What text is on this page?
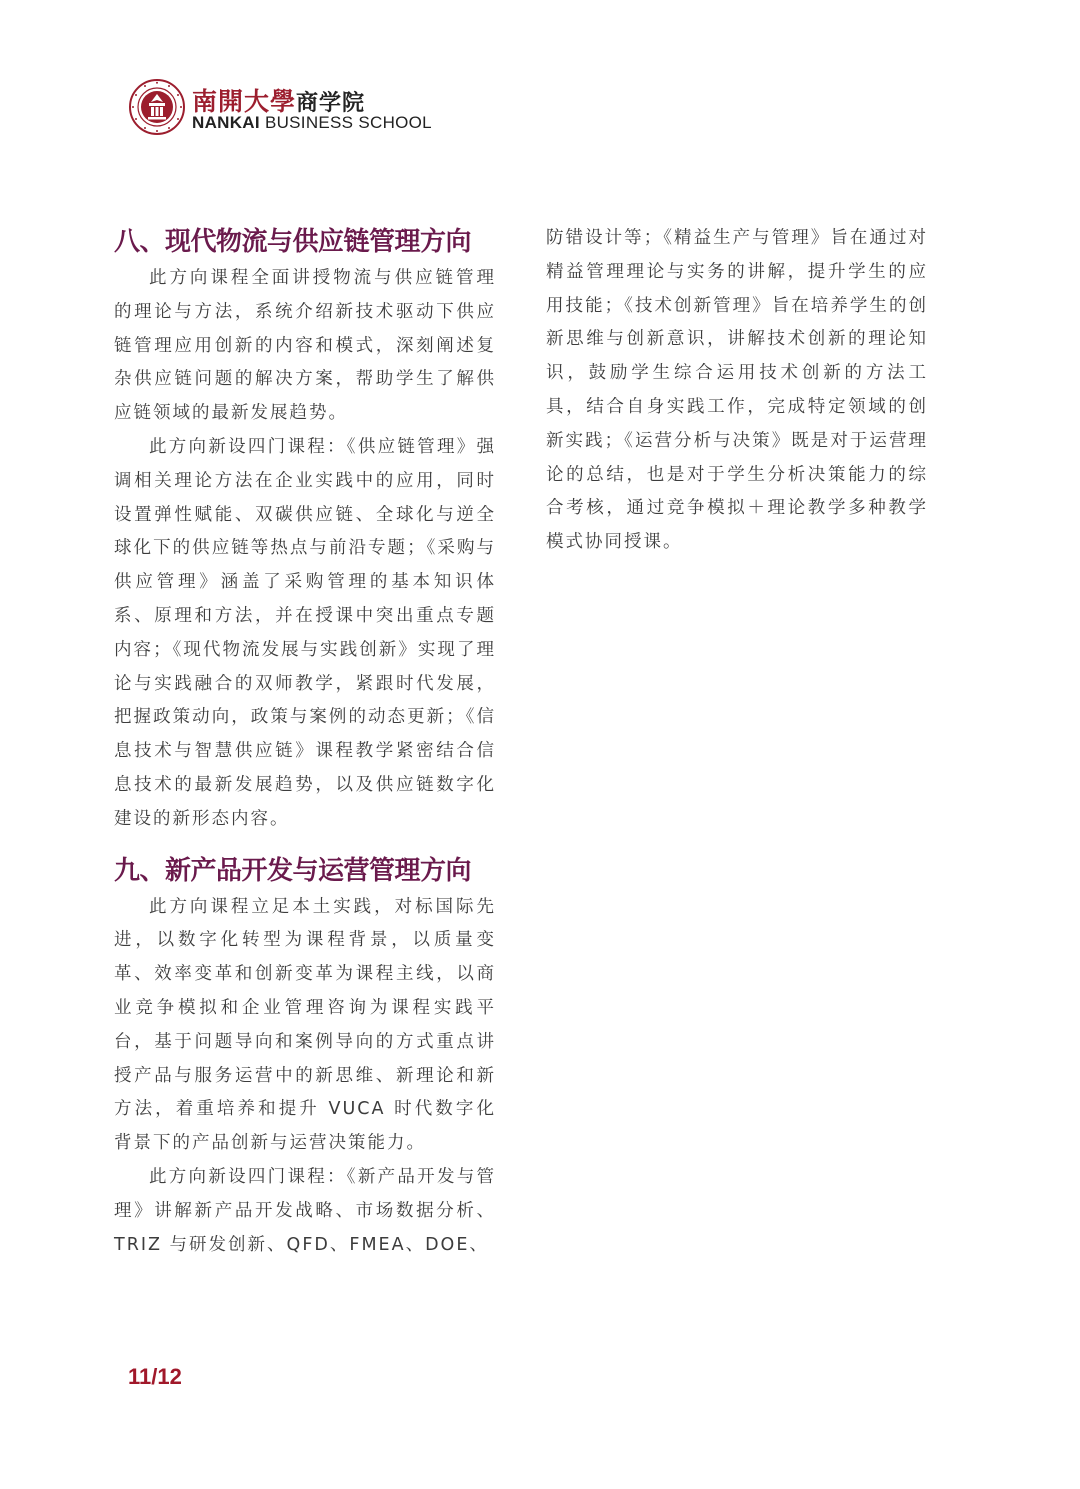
南開大學商学院
NANKAI BUSINESS SCHOOL
八、现代物流与供应链管理方向

此方向课程全面讲授物流与供应链管理的理论与方法，系统介绍新技术驱动下供应链管理应用创新的内容和模式，深刻阐述复杂供应链问题的解决方案，帮助学生了解供应链领域的最新发展趋势。

此方向新设四门课程：《供应链管理》强调相关理论方法在企业实践中的应用，同时设置弹性赋能、双碳供应链、全球化与逆全球化下的供应链等热点与前沿专题；《采购与供应管理》涵盖了采购管理的基本知识体系、原理和方法，并在授课中突出重点专题内容；《现代物流发展与实践创新》实现了理论与实践融合的双师教学，紧跟时代发展，把握政策动向，政策与案例的动态更新；《信息技术与智慧供应链》课程教学紧密结合信息技术的最新发展趋势，以及供应链数字化建设的新形态内容。

九、新产品开发与运营管理方向

此方向课程立足本土实践，对标国际先进，以数字化转型为课程背景，以质量变革、效率变革和创新变革为课程主线，以商业竞争模拟和企业管理咨询为课程实践平台，基于问题导向和案例导向的方式重点讲授产品与服务运营中的新思维、新理论和新方法，着重培养和提升 VUCA 时代数字化背景下的产品创新与运营决策能力。

此方向新设四门课程：《新产品开发与管理》讲解新产品开发战略、市场数据分析、TRIZ 与研发创新、QFD、FMEA、DOE、

防错设计等；《精益生产与管理》旨在通过对精益管理理论与实务的讲解，提升学生的应用技能；《技术创新管理》旨在培养学生的创新思维与创新意识，讲解技术创新的理论知识，鼓励学生综合运用技术创新的方法工具，结合自身实践工作，完成特定领域的创新实践；《运营分析与决策》既是对于运营理论的总结，也是对于学生分析决策能力的综合考核，通过竞争模拟＋理论教学多种教学模式协同授课。

11/12
